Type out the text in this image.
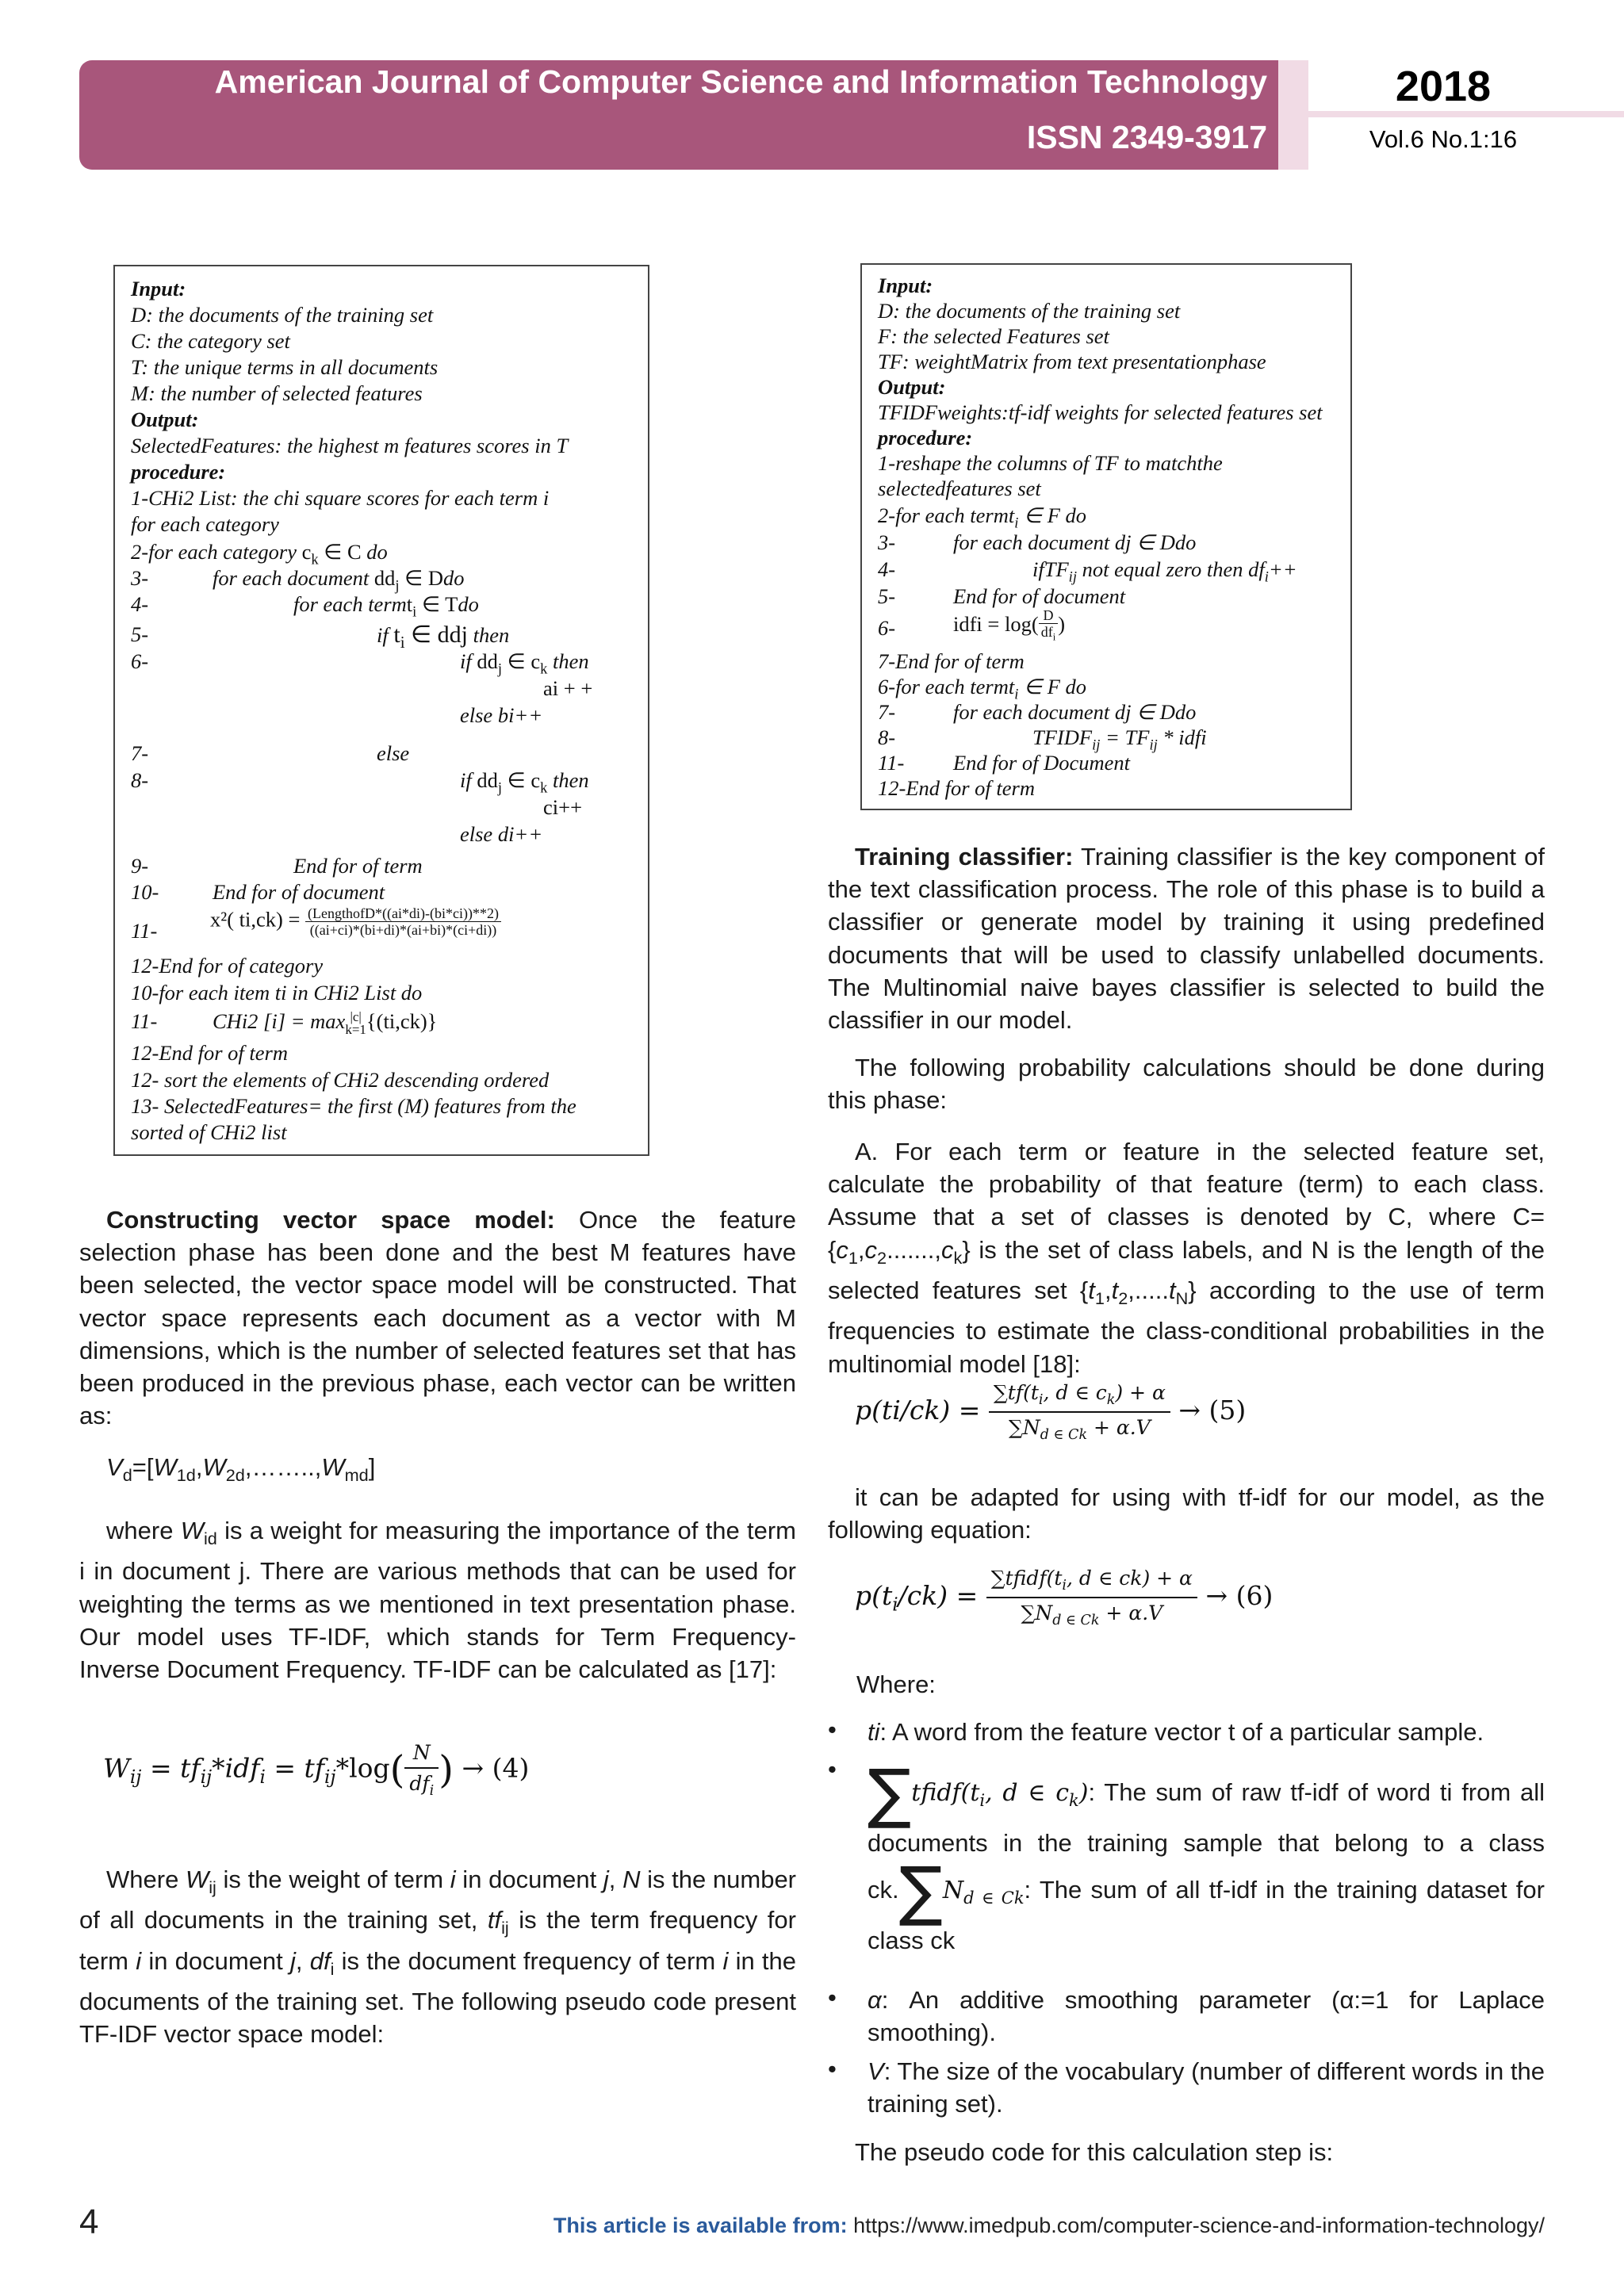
American Journal of Computer Science and Information Technology
ISSN 2349-3917
2018
Vol.6 No.1:16
Input:
D: the documents of the training set
C: the category set
T: the unique terms in all documents
M: the number of selected features
Output:
SelectedFeatures: the highest m features scores in T
procedure:
1-CHi2 List: the chi square scores for each term i
for each category
2-for each category $c_k$ ∈ C do
3-	for each document $dd_j$ ∈ Ddo
4-	for each termt$_i$ ∈ Tdo
5-	if $t_i$ ∈ ddj then
6-	if $dd_j$ ∈ $c_k$ then
ai + +
else bi++
7-	else
8-	if $dd_j$ ∈ $c_k$ then
ci++
else di++
9-	End for of term
10-	End for of document
11-	x²( $ti,ck) = \frac{\text{(LengthofD*((ai*di)-(bi*ci))**2)}}{((ai+ci)*(bi+di)*(ai+bi)*(ci+di))}$
12-End for of category
10-for each item ti in CHi2 List do
11-	CHi2 [i] = max |c|
k=1{(ti,ck)}
12-End for of term
12- sort the elements of CHi2 descending ordered
13- SelectedFeatures= the first (M) features from the
sorted of CHi2 list
Input:
D: the documents of the training set
F: the selected Features set
TF: weightMatrix from text presentationphase
Output:
TFIDFweights:tf-idf weights for selected features set
procedure:
1-reshape the columns of TF to matchthe
selectedfeatures set
2-for each termt$_i$ ∈ F do
3-	for each document dj ∈ Ddo
4-	ifTF$_{ij}$ not equal zero then $df_i++$
5-	End for of document
6-	idfi = $\log( \frac{D}{df_i}$ )
7-End for of term
6-for each termt$_i$ ∈ F do
7-	for each document dj ∈ Ddo
8-	$TFIDF_{ij} = TF_{ij}$ * idfi
11- End for of Document
12-End for of term
Constructing vector space model: Once the feature selection phase has been done and the best M features have been selected, the vector space model will be constructed. That vector space represents each document as a vector with M dimensions, which is the number of selected features set that has been produced in the previous phase, each vector can be written as:
$V_d=[W_{1d},W_{2d},\dots\dots..,W_{md}]$
where $W_{id}$ is a weight for measuring the importance of the term i in document j. There are various methods that can be used for weighting the terms as we mentioned in text presentation phase. Our model uses TF-IDF, which stands for Term Frequency-Inverse Document Frequency. TF-IDF can be calculated as [17]:
$W_{ij} = tf_{ij}*idf_i = tf_{ij}*\log$( N
$df_i$ ) → (4)
Where $W_{ij}$ is the weight of term i in document j, N is the number of all documents in the training set, $tf_{ij}$ is the term frequency for term i in document j, $df_i$ is the document frequency of term i in the documents of the training set. The following pseudo code present TF-IDF vector space model:
Training classifier: Training classifier is the key component of the text classification process. The role of this phase is to build a classifier or generate model by training it using predefined documents that will be used to classify unlabelled documents. The Multinomial naive bayes classifier is selected to build the classifier in our model.
The following probability calculations should be done during this phase:
A. For each term or feature in the selected feature set, calculate the probability of that feature (term) to each class. Assume that a set of classes is denoted by C, where $C=\{c_1,c_2.......,c_k\}$ is the set of class labels, and N is the length of the selected features set $\{t_1,t_2,.....t_N\}$ according to the use of term frequencies to estimate the class-conditional probabilities in the multinomial model [18]:
$p(ti/ck) = \frac{\sum tf(t_i, d \in c_k) + \alpha}{\sum N_{d \in Ck} + \alpha.V} \to (5)$
it can be adapted for using with tf-idf for our model, as the following equation:
$p(t_i/ck)$ =
$\sum tfidf(t_i$, d ∈ ck) + α
$\sum N_{d \in Ck} + \alpha.V$
→ (6)
Where:
• ti: A word from the feature vector t of a particular sample.
• $\sum tfidf(t_i$, d ∈ $c_k$): The sum of raw tf-idf of word ti from all documents in the training sample that belong to a class $ck.\sum N_{d \in Ck}$: The sum of all tf-idf in the training dataset for class ck
• α: An additive smoothing parameter (α:=1 for Laplace smoothing).
• V: The size of the vocabulary (number of different words in the training set).
The pseudo code for this calculation step is:
4	This article is available from: https://www.imedpub.com/computer-science-and-information-technology/
